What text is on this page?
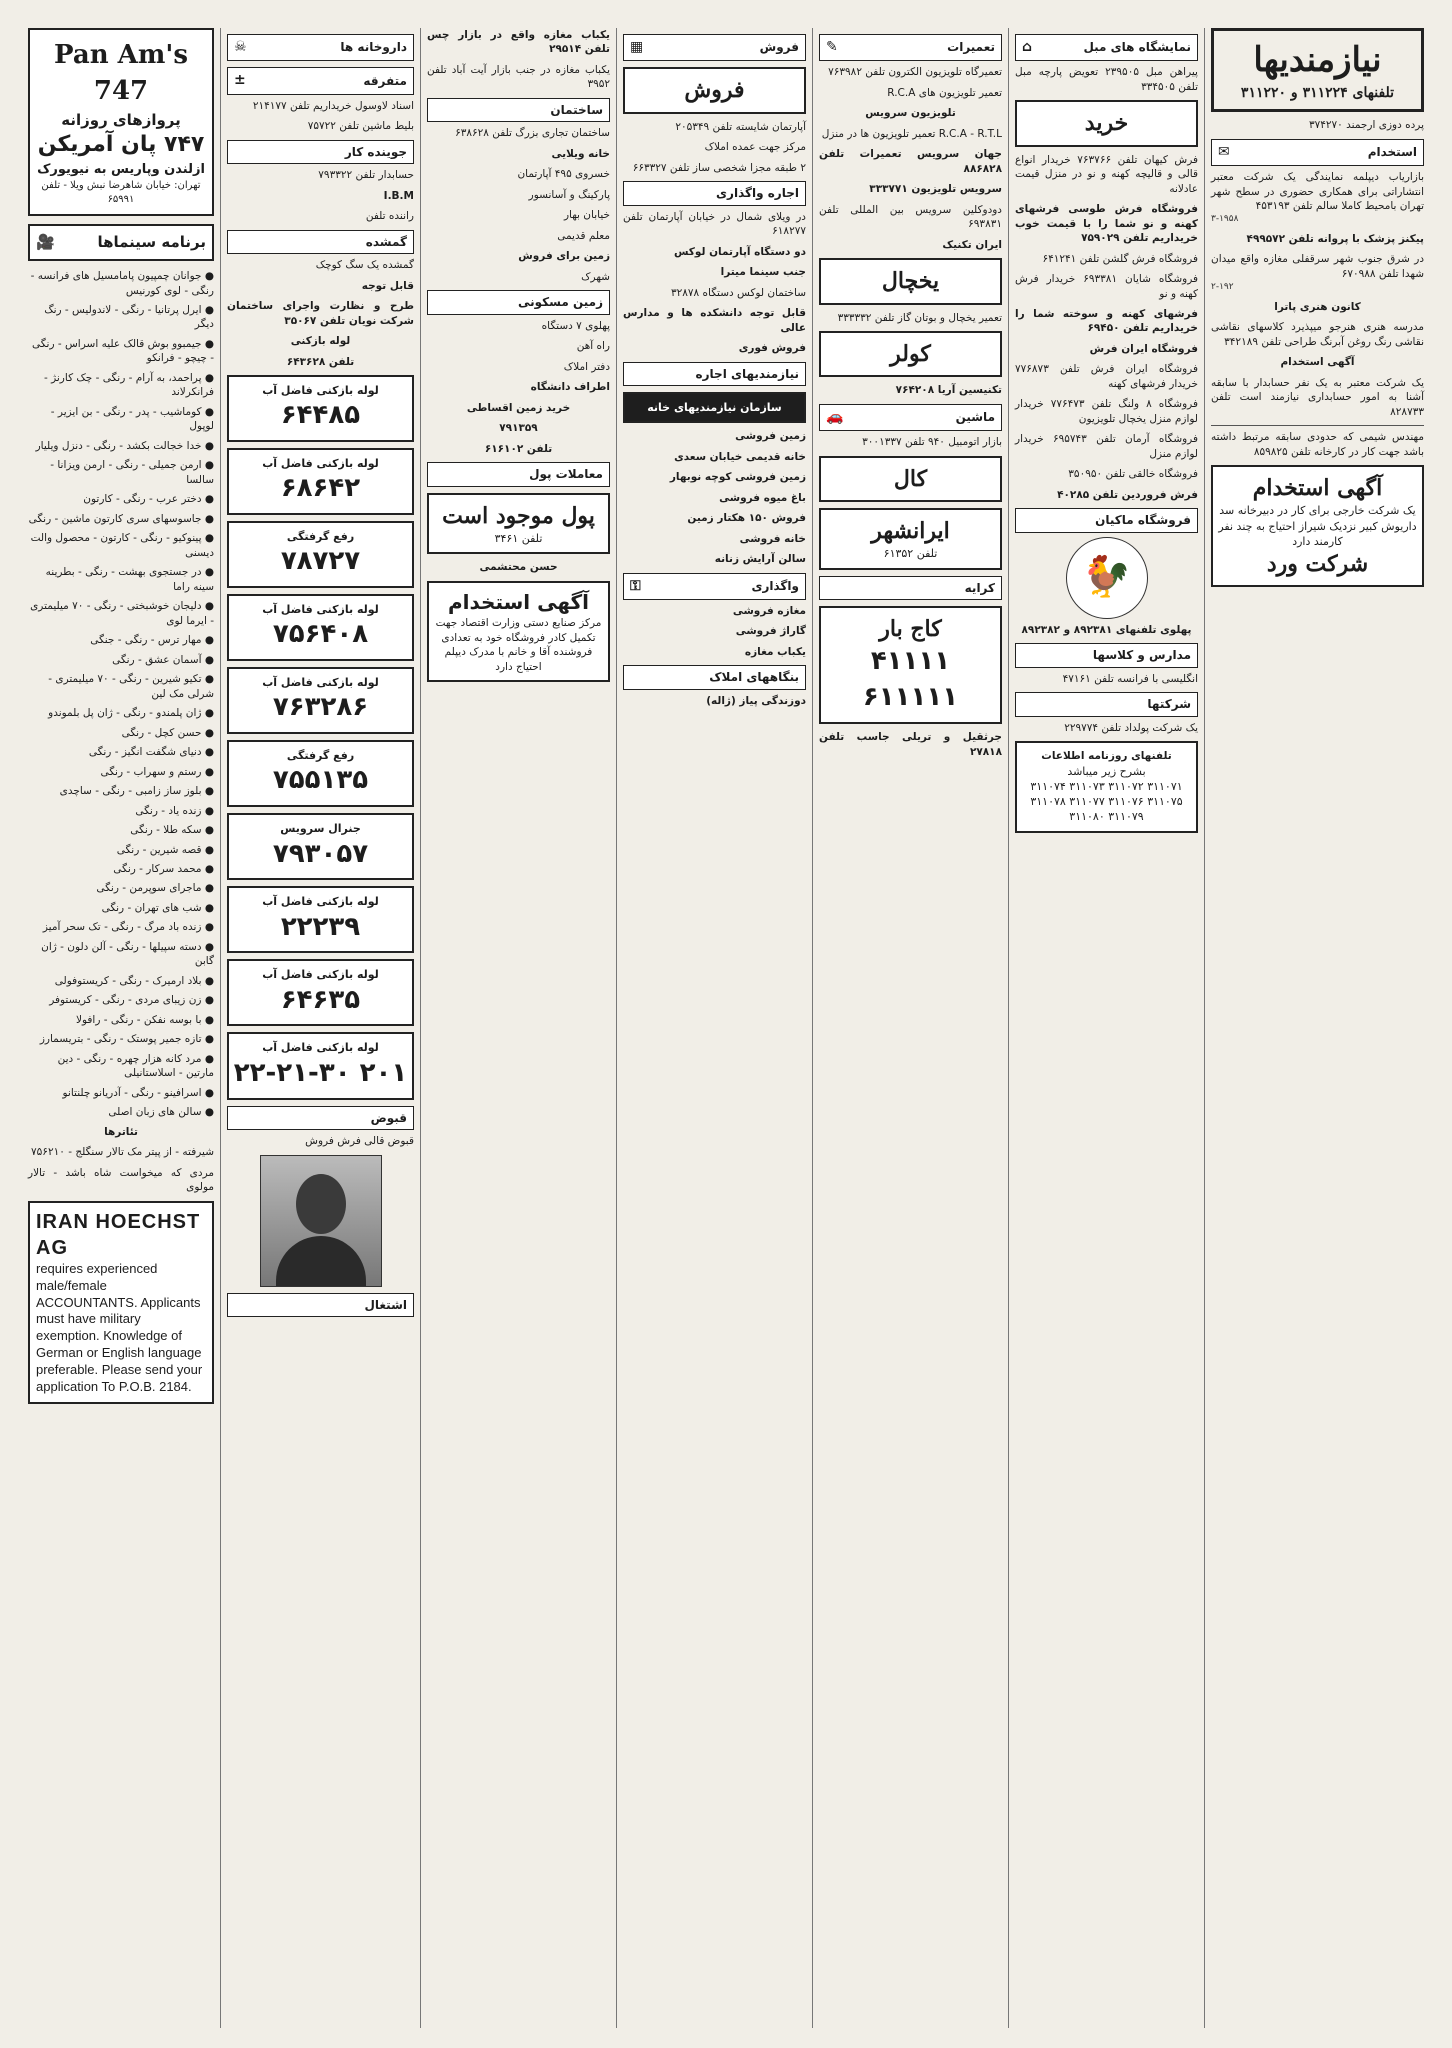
نیازمندیها
تلفنهای ۳۱۱۲۲۴ و ۳۱۱۲۲۰
پرده دوزی ارجمند ۳۷۴۲۷۰
استخدام
✉
بازاریاب دیپلمه نمایندگی یک شرکت معتبر انتشاراتی برای همکاری حضوری در سطح شهر تهران بامحیط کاملا سالم تلفن ۴۵۳۱۹۳
۳-۱۹۵۸
پیکنز پزشک با پروانه تلفن ۴۹۹۵۷۲
در شرق جنوب شهر سرقفلی مغازه واقع میدان شهدا تلفن ۶۷۰۹۸۸
۲-۱۹۲
کانون هنری پاترا
مدرسه هنری هنرجو میپذیرد کلاسهای نقاشی نقاشی رنگ روغن آبرنگ طراحی تلفن ۳۴۲۱۸۹
آگهی استخدام
یک شرکت معتبر به یک نفر حسابدار با سابقه آشنا به امور حسابداری نیازمند است تلفن ۸۲۸۷۳۳
مهندس شیمی که حدودی سابقه مرتبط داشته باشد جهت کار در کارخانه تلفن ۸۵۹۸۲۵
آگهی استخدام
یک شرکت خارجی برای کار در دبیرخانه سد داریوش کبیر نزدیک شیراز احتیاج به چند نفر کارمند دارد
شرکت ورد
نمایشگاه های مبل
⌂
پیراهن مبل ۲۳۹۵۰۵ تعویض پارچه مبل تلفن ۳۳۴۵۰۵
خرید
فرش کیهان تلفن ۷۶۳۷۶۶ خریدار انواع قالی و قالیچه کهنه و نو در منزل قیمت عادلانه
فروشگاه فرش طوسی فرشهای کهنه و نو شما را با قیمت خوب خریداریم تلفن ۷۵۹۰۲۹
فروشگاه فرش گلشن تلفن ۶۴۱۲۴۱
فروشگاه شایان ۶۹۳۳۸۱ خریدار فرش کهنه و نو
فرشهای کهنه و سوخته شما را خریداریم تلفن ۶۹۴۵۰
فروشگاه ایران فرش
فروشگاه ایران فرش تلفن ۷۷۶۸۷۳ خریدار فرشهای کهنه
فروشگاه ۸ ولنگ تلفن ۷۷۶۴۷۳ خریدار لوازم منزل یخچال تلویزیون
فروشگاه آرمان تلفن ۶۹۵۷۴۳ خریدار لوازم منزل
فروشگاه خالقی تلفن ۳۵۰۹۵۰
فرش فروردین تلفن ۴۰۲۸۵
فروشگاه ماکیان
🐓
پهلوی تلفنهای ۸۹۲۳۸۱ و ۸۹۲۳۸۲
مدارس و کلاسها
انگلیسی با فرانسه تلفن ۴۷۱۶۱
شرکتها
یک شرکت پولداد تلفن ۲۲۹۷۷۴
تلفنهای روزنامه اطلاعات
بشرح زیر میباشد
۳۱۱۰۷۱ ۳۱۱۰۷۲ ۳۱۱۰۷۳ ۳۱۱۰۷۴ ۳۱۱۰۷۵ ۳۱۱۰۷۶ ۳۱۱۰۷۷ ۳۱۱۰۷۸ ۳۱۱۰۷۹ ۳۱۱۰۸۰
تعمیرات
✎
تعمیرگاه تلویزیون الکترون تلفن ۷۶۳۹۸۲
تعمیر تلویزیون های R.C.A
تلویزیون سرویس
R.C.A - R.T.L تعمیر تلویزیون ها در منزل
جهان سرویس تعمیرات تلفن ۸۸۶۸۲۸
سرویس تلویزیون ۳۳۳۷۷۱
دودوکلین سرویس بین المللی تلفن ۶۹۳۸۳۱
ایران تکنیک
یخچال
تعمیر یخچال و بوتان گاز تلفن ۳۳۳۳۳۲
کولر
تکنیسین آریا ۷۶۴۲۰۸
ماشین
🚗
بازار اتومبیل ۹۴۰ تلفن ۳۰۰۱۳۳۷
کال
ایرانشهر
تلفن ۶۱۳۵۲
کرایه
کاج بار
۴۱۱۱۱ ۶۱۱۱۱۱
جرثقیل و تریلی جاسب تلفن ۲۷۸۱۸
فروش
▦
فروش
آپارتمان شایسته تلفن ۲۰۵۳۴۹
مرکز جهت عمده املاک
۲ طبقه مجزا شخصی ساز تلفن ۶۶۳۳۲۷
اجاره واگذاری
در ویلای شمال در خیابان آپارتمان تلفن ۶۱۸۲۷۷
دو دستگاه آپارتمان لوکس
جنب سینما میترا
ساختمان لوکس دستگاه ۳۲۸۷۸
قابل توجه دانشکده ها و مدارس عالی
فروش فوری
نیازمندیهای اجاره
سازمان نیازمندیهای خانه
زمین فروشی
خانه قدیمی خیابان سعدی
زمین فروشی کوچه نوبهار
باغ میوه فروشی
فروش ۱۵۰ هکتار زمین
خانه فروشی
سالن آرایش زنانه
واگذاری
⚿
مغازه فروشی
گاراژ فروشی
یکباب مغازه
بنگاههای املاک
دوزندگی پیاز (ژاله)
یکباب مغازه واقع در بازار چس تلفن ۲۹۵۱۴
یکباب مغازه در جنب بازار آیت آباد تلفن ۳۹۵۲
ساختمان
ساختمان تجاری بزرگ تلفن ۶۳۸۶۲۸
خانه ویلایی
خسروی ۴۹۵ آپارتمان
پارکینگ و آسانسور
خیابان بهار
معلم قدیمی
زمین برای فروش
شهرک
زمین مسکونی
پهلوی ۷ دستگاه
راه آهن
دفتر املاک
اطراف دانشگاه
خرید زمین اقساطی
۷۹۱۳۵۹
تلفن ۶۱۶۱۰۲
معاملات پول
پول موجود است
تلفن ۳۴۶۱
حسن محتشمی
آگهی استخدام
مرکز صنایع دستی وزارت اقتصاد جهت تکمیل کادر فروشگاه خود به تعدادی فروشنده آقا و خانم با مدرک دیپلم احتیاج دارد
داروخانه ها
☠
متفرقه
±
اسناد لاوسول خریداریم تلفن ۲۱۴۱۷۷
بلیط ماشین تلفن ۷۵۷۲۲
جوینده کار
حسابدار تلفن ۷۹۳۳۲۲
I.B.M
راننده تلفن
گمشده
گمشده یک سگ کوچک
قابل توجه
طرح و نظارت واجرای ساختمان شرکت نویان تلفن ۳۵۰۶۷
لوله بازکنی
تلفن ۶۴۳۶۲۸
لوله بازکنی فاضل آب
۶۴۴۸۵
لوله بازکنی فاضل آب
۶۸۶۴۲
رفع گرفتگی
۷۸۷۲۷
لوله بازکنی فاضل آب
۷۵۶۴۰۸
لوله بازکنی فاضل آب
۷۶۳۲۸۶
رفع گرفتگی
۷۵۵۱۳۵
جنرال سرویس
۷۹۳۰۵۷
لوله بازکنی فاضل آب
۲۲۲۳۹
لوله بازکنی فاضل آب
۶۴۶۳۵
لوله بازکنی فاضل آب
۲۰۱ ۲۲-۲۱-۳۰
قبوض
قبوض قالی فرش فروش
اشتغال
Pan Am's 747
پروازهای روزانه
۷۴۷ پان آمریکن
ازلندن وپاریس به نیویورک
تهران: خیابان شاهرضا نبش ویلا - تلفن ۶۵۹۹۱
برنامه سینماها
🎥
● جوانان چمپیون پامامسیل های فرانسه - رنگی - لوی کورنیس
● ایرل پرتانیا - رنگی - لاندولیس - رنگ دیگر
● جیمبوو بوش قالک علیه اسراس - رنگی - چیچو - فرانکو
● پراحمد، به آرام - رنگی - چک کارنژ - فرانکرلاند
● کوماشیب - پدر - رنگی - بن ایزیر - لوپول
● خدا خجالت بکشد - رنگی - دنزل ویلیار
● ارمن جمیلی - رنگی - ارمن ویزانا - سالسا
● دختر عرب - رنگی - کارتون
● جاسوسهای سری کارتون ماشین - رنگی
● پینوکیو - رنگی - کارتون - محصول والت دیسنی
● در جستجوی بهشت - رنگی - بطرینه سینه راما
● دلیجان خوشبختی - رنگی - ۷۰ میلیمتری - ایرما لوی
● مهار ترس - رنگی - جنگی
● آسمان عشق - رنگی
● تکیو شیرین - رنگی - ۷۰ میلیمتری - شرلی مک لین
● ژان پلمندو - رنگی - ژان پل بلموندو
● حسن کچل - رنگی
● دنیای شگفت انگیز - رنگی
● رستم و سهراب - رنگی
● بلوز ساز زامبی - رنگی - ساچدی
● زنده یاد - رنگی
● سکه طلا - رنگی
● قصه شیرین - رنگی
● محمد سرکار - رنگی
● ماجرای سوپرمن - رنگی
● شب های تهران - رنگی
● زنده باد مرگ - رنگی - تک سحر آمیز
● دسته سپیلها - رنگی - آلن دلون - ژان گابن
● بلاد ارمیرک - رنگی - کریستوفولی
● زن زیبای مردی - رنگی - کریستوفر
● با بوسه نفکن - رنگی - رافولا
● تازه جمیر پوستک - رنگی - بتریسمارز
● مرد کانه هزار چهره - رنگی - دین مارتین - اسلاستانیلی
● اسرافینو - رنگی - آدریانو چلنتانو
● سالن های زبان اصلی
تئاترها
شیرفته - از پیتر مک تالار سنگلج - ۷۵۶۲۱۰
مردی که میخواست شاه باشد - تالار مولوی
IRAN HOECHST AG
requires experienced male/female ACCOUNTANTS. Applicants must have military exemption. Knowledge of German or English language preferable. Please send your application To P.O.B. 2184.
